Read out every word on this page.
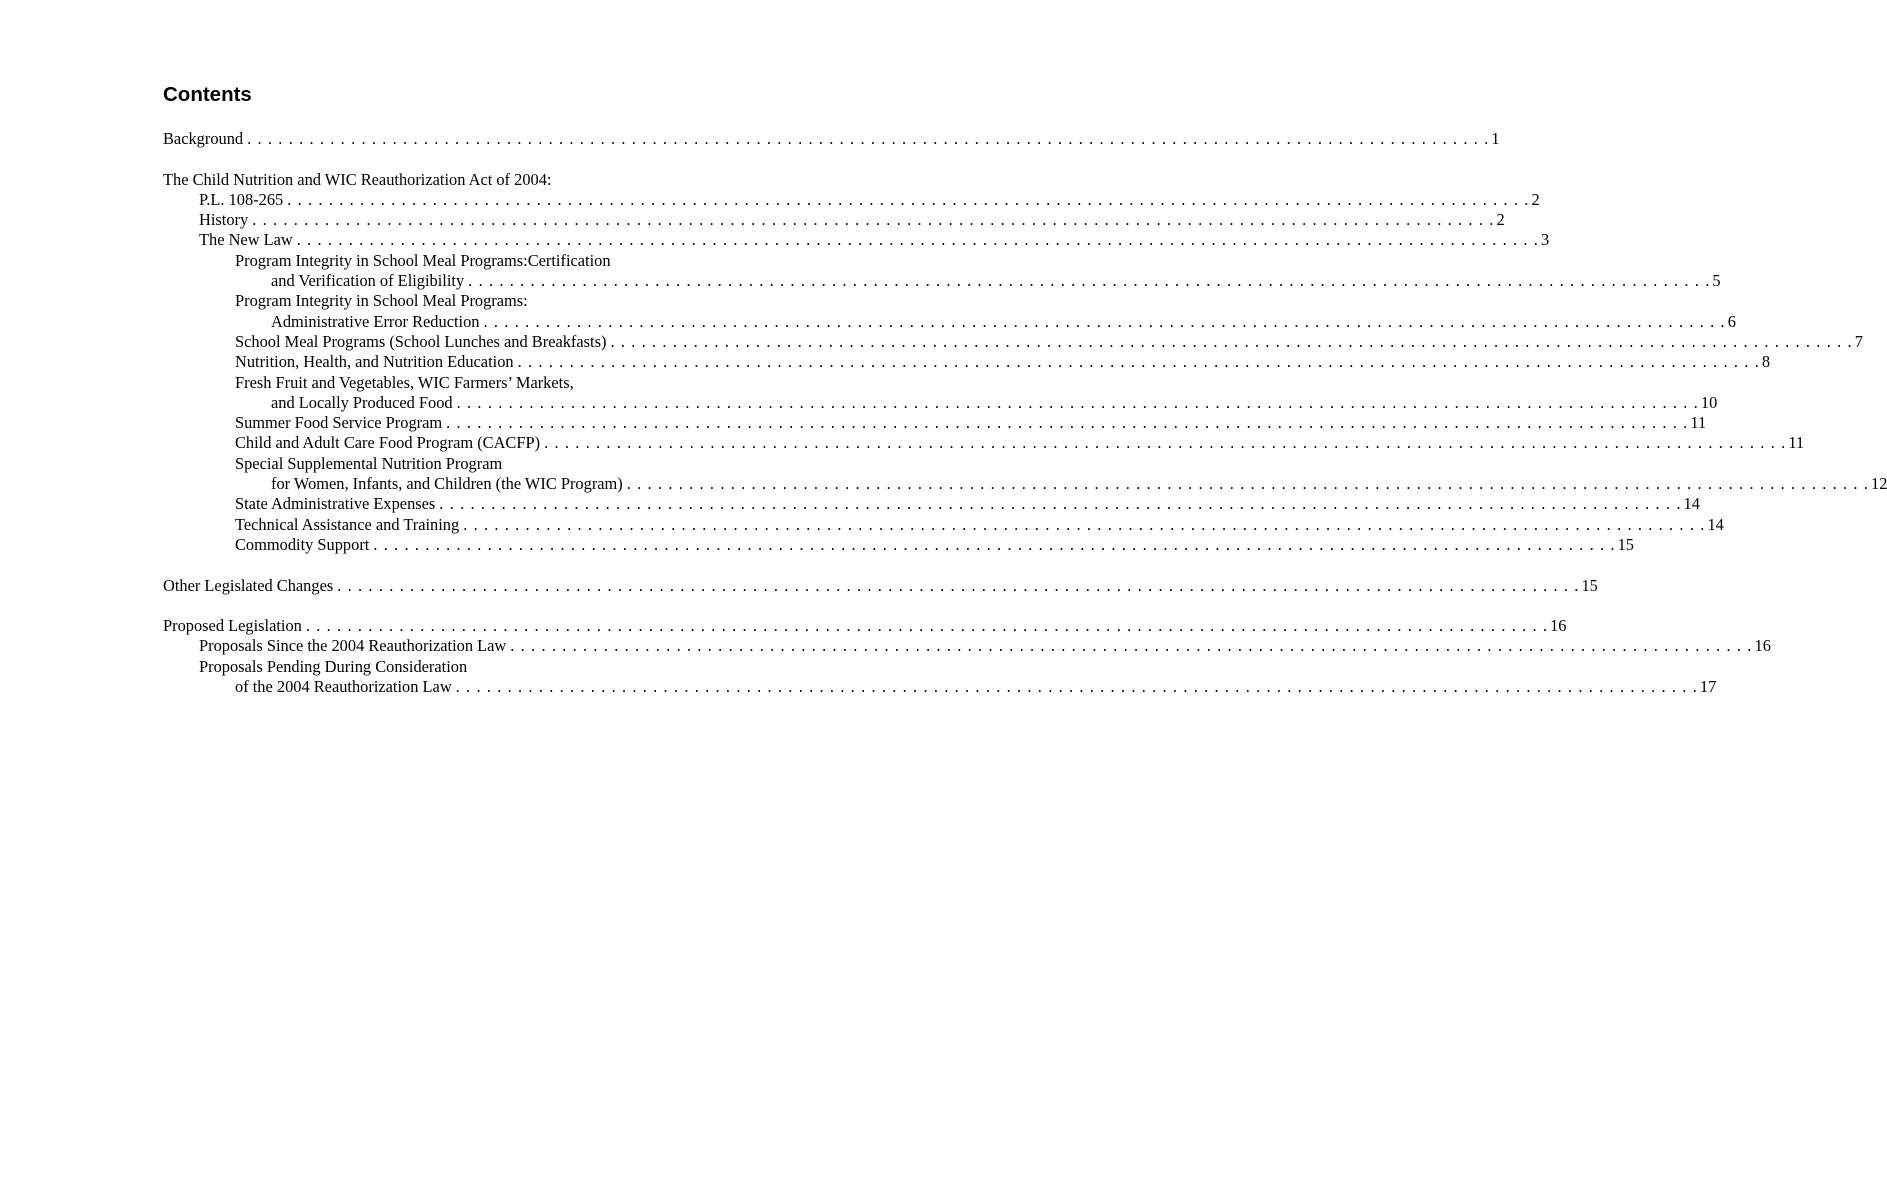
Contents
Background . . . . . . . . . . . . . . . . . . . . . . . . . . . . . . . . . . . . . . . . . . . . . . . . . . . . . . . . . . . . . . . . . . . . . . . . . . . . . . . . . . . . . . . . . . . . . . . . . . . . . . . . . . . . . . . . . . . . . . . . 1
The Child Nutrition and WIC Reauthorization Act of 2004:
P.L. 108-265 . . . . . . . . . . . . . . . . . . . . . . . . . . . . . . . . . . . . . . . . . . . . . . . . . . . . . . . . . . . . . . . . . . . . . . . . . . . . . . . . . . . . . . . . . . . . . . . . . . . . . . . . . . . . . . . . . . . . . . . . 2
History . . . . . . . . . . . . . . . . . . . . . . . . . . . . . . . . . . . . . . . . . . . . . . . . . . . . . . . . . . . . . . . . . . . . . . . . . . . . . . . . . . . . . . . . . . . . . . . . . . . . . . . . . . . . . . . . . . . . . . . . 2
The New Law . . . . . . . . . . . . . . . . . . . . . . . . . . . . . . . . . . . . . . . . . . . . . . . . . . . . . . . . . . . . . . . . . . . . . . . . . . . . . . . . . . . . . . . . . . . . . . . . . . . . . . . . . . . . . . . . . . . . . . . . 3
Program Integrity in School Meal Programs:Certification
and Verification of Eligibility . . . . . . . . . . . . . . . . . . . . . . . . . . . . . . . . . . . . . . . . . . . . . . . . . . . . . . . . . . . . . . . . . . . . . . . . . . . . . . . . . . . . . . . . . . . . . . . . . . . . . . . . . . . . . . . . . . . . . . . . 5
Program Integrity in School Meal Programs:
Administrative Error Reduction . . . . . . . . . . . . . . . . . . . . . . . . . . . . . . . . . . . . . . . . . . . . . . . . . . . . . . . . . . . . . . . . . . . . . . . . . . . . . . . . . . . . . . . . . . . . . . . . . . . . . . . . . . . . . . . . . . . . . . . . 6
School Meal Programs (School Lunches and Breakfasts) . . . . . . . . . . . . . . . . . . . . . . . . . . . . . . . . . . . . . . . . . . . . . . . . . . . . . . . . . . . . . . . . . . . . . . . . . . . . . . . . . . . . . . . . . . . . . . . . . . . . . . . . . . . . . . . . . . . . . . . . 7
Nutrition, Health, and Nutrition Education . . . . . . . . . . . . . . . . . . . . . . . . . . . . . . . . . . . . . . . . . . . . . . . . . . . . . . . . . . . . . . . . . . . . . . . . . . . . . . . . . . . . . . . . . . . . . . . . . . . . . . . . . . . . . . . . . . . . . . . . 8
Fresh Fruit and Vegetables, WIC Farmers’ Markets,
and Locally Produced Food . . . . . . . . . . . . . . . . . . . . . . . . . . . . . . . . . . . . . . . . . . . . . . . . . . . . . . . . . . . . . . . . . . . . . . . . . . . . . . . . . . . . . . . . . . . . . . . . . . . . . . . . . . . . . . . . . . . . . . . . 10
Summer Food Service Program . . . . . . . . . . . . . . . . . . . . . . . . . . . . . . . . . . . . . . . . . . . . . . . . . . . . . . . . . . . . . . . . . . . . . . . . . . . . . . . . . . . . . . . . . . . . . . . . . . . . . . . . . . . . . . . . . . . . . . . . 11
Child and Adult Care Food Program (CACFP) . . . . . . . . . . . . . . . . . . . . . . . . . . . . . . . . . . . . . . . . . . . . . . . . . . . . . . . . . . . . . . . . . . . . . . . . . . . . . . . . . . . . . . . . . . . . . . . . . . . . . . . . . . . . . . . . . . . . . . . . 11
Special Supplemental Nutrition Program
for Women, Infants, and Children (the WIC Program) . . . . . . . . . . . . . . . . . . . . . . . . . . . . . . . . . . . . . . . . . . . . . . . . . . . . . . . . . . . . . . . . . . . . . . . . . . . . . . . . . . . . . . . . . . . . . . . . . . . . . . . . . . . . . . . . . . . . . . . . 12
State Administrative Expenses . . . . . . . . . . . . . . . . . . . . . . . . . . . . . . . . . . . . . . . . . . . . . . . . . . . . . . . . . . . . . . . . . . . . . . . . . . . . . . . . . . . . . . . . . . . . . . . . . . . . . . . . . . . . . . . . . . . . . . . . 14
Technical Assistance and Training . . . . . . . . . . . . . . . . . . . . . . . . . . . . . . . . . . . . . . . . . . . . . . . . . . . . . . . . . . . . . . . . . . . . . . . . . . . . . . . . . . . . . . . . . . . . . . . . . . . . . . . . . . . . . . . . . . . . . . . . 14
Commodity Support . . . . . . . . . . . . . . . . . . . . . . . . . . . . . . . . . . . . . . . . . . . . . . . . . . . . . . . . . . . . . . . . . . . . . . . . . . . . . . . . . . . . . . . . . . . . . . . . . . . . . . . . . . . . . . . . . . . . . . . . 15
Other Legislated Changes . . . . . . . . . . . . . . . . . . . . . . . . . . . . . . . . . . . . . . . . . . . . . . . . . . . . . . . . . . . . . . . . . . . . . . . . . . . . . . . . . . . . . . . . . . . . . . . . . . . . . . . . . . . . . . . . . . . . . . . . 15
Proposed Legislation . . . . . . . . . . . . . . . . . . . . . . . . . . . . . . . . . . . . . . . . . . . . . . . . . . . . . . . . . . . . . . . . . . . . . . . . . . . . . . . . . . . . . . . . . . . . . . . . . . . . . . . . . . . . . . . . . . . . . . . . 16
Proposals Since the 2004 Reauthorization Law . . . . . . . . . . . . . . . . . . . . . . . . . . . . . . . . . . . . . . . . . . . . . . . . . . . . . . . . . . . . . . . . . . . . . . . . . . . . . . . . . . . . . . . . . . . . . . . . . . . . . . . . . . . . . . . . . . . . . . . . 16
Proposals Pending During Consideration
of the 2004 Reauthorization Law . . . . . . . . . . . . . . . . . . . . . . . . . . . . . . . . . . . . . . . . . . . . . . . . . . . . . . . . . . . . . . . . . . . . . . . . . . . . . . . . . . . . . . . . . . . . . . . . . . . . . . . . . . . . . . . . . . . . . . . . 17
